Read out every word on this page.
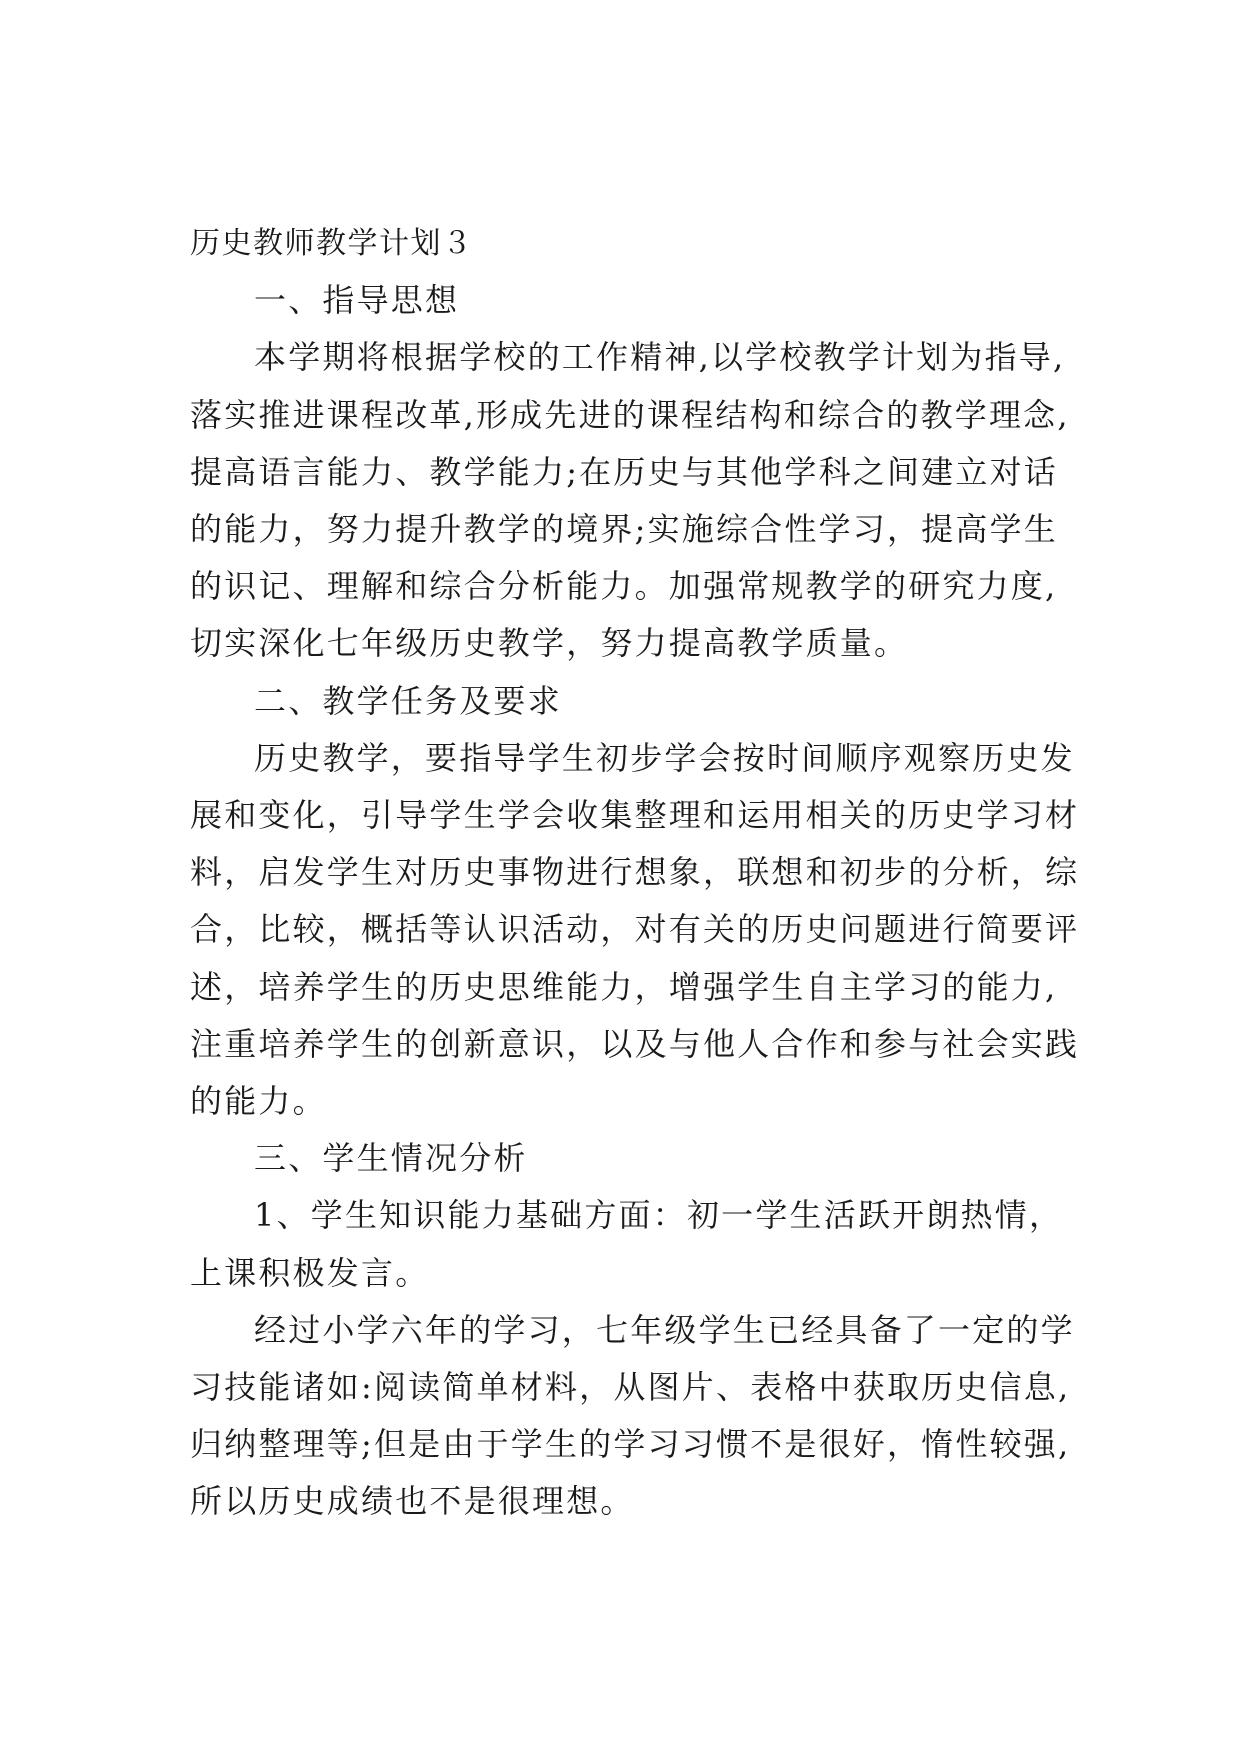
历史教师教学计划３

一、指导思想

本学期将根据学校的工作精神,以学校教学计划为指导,

落实推进课程改革,形成先进的课程结构和综合的教学理念,

提高语言能力、教学能力;在历史与其他学科之间建立对话

的能力，努力提升教学的境界;实施综合性学习，提高学生

的识记、理解和综合分析能力。加强常规教学的研究力度,

切实深化七年级历史教学，努力提高教学质量。

二、教学任务及要求

历史教学，要指导学生初步学会按时间顺序观察历史发

展和变化，引导学生学会收集整理和运用相关的历史学习材

料，启发学生对历史事物进行想象，联想和初步的分析，综

合，比较，概括等认识活动，对有关的历史问题进行简要评

述，培养学生的历史思维能力，增强学生自主学习的能力,

注重培养学生的创新意识，以及与他人合作和参与社会实践

的能力。

三、学生情况分析

1、学生知识能力基础方面：初一学生活跃开朗热情，

上课积极发言。

经过小学六年的学习，七年级学生已经具备了一定的学

习技能诸如:阅读简单材料，从图片、表格中获取历史信息,

归纳整理等;但是由于学生的学习习惯不是很好，惰性较强,

所以历史成绩也不是很理想。
